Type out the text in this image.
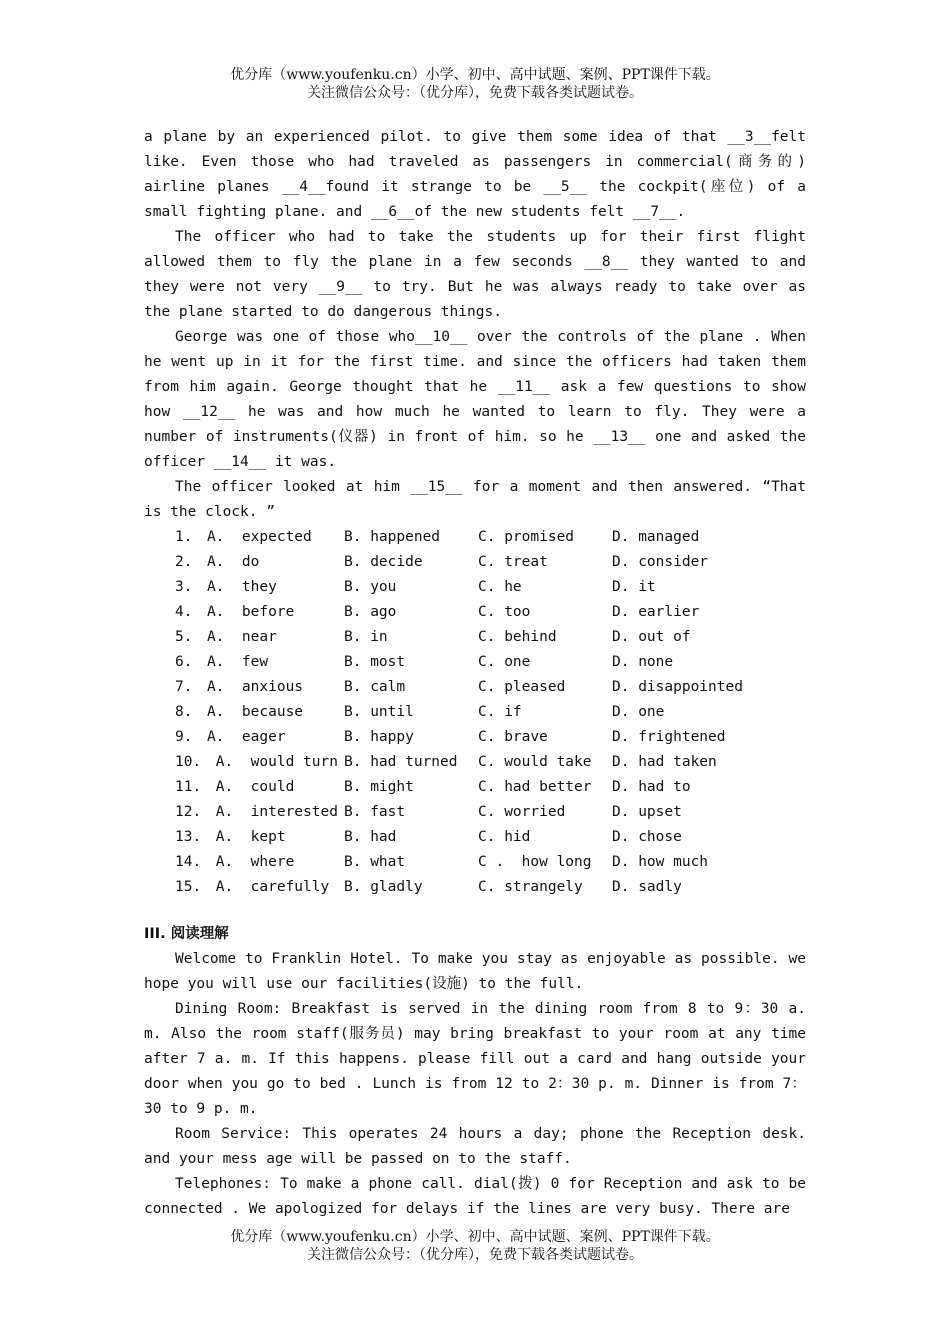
优分库（www.youfenku.cn）小学、初中、高中试题、案例、PPT课件下载。
关注微信公众号：（优分库），免费下载各类试题试卷。
a plane by an experienced pilot. to give them some idea of that __3__felt like. Even those who had traveled as passengers in commercial(商务的) airline planes __4__found it strange to be __5__ the cockpit(座位) of a small fighting plane. and __6__of the new students felt __7__.
The officer who had to take the students up for their first flight allowed them to fly the plane in a few seconds __8__ they wanted to and they were not very __9__ to try. But he was always ready to take over as the plane started to do dangerous things.
George was one of those who__10__ over the controls of the plane . When he went up in it for the first time. and since the officers had taken them from him again. George thought that he __11__ ask a few questions to show how __12__ he was and how much he wanted to learn to fly. They were a number of instruments(仪器) in front of him. so he __13__ one and asked the officer __14__ it was.
The officer looked at him __15__ for a moment and then answered. “That is the clock. ”
1.	A.  expected	B. happened	C. promised	D. managed
2.	A.  do	B. decide	C. treat	D. consider
3.	A.  they	B. you	C. he	D. it
4.	A.  before	B. ago	C. too	D. earlier
5.	A.  near	B. in	C. behind	D. out of
6.	A.  few	B. most	C. one	D. none
7.	A.  anxious	B. calm	C. pleased	D. disappointed
8.	A.  because	B. until	C. if	D. one
9.	A.  eager	B. happy	C. brave	D. frightened
10. A.  would turn B. had turned	C. would take	D. had taken
11. A.  could	B. might	C. had better	D. had to
12. A.  interested B. fast	C. worried	D. upset
13. A.  kept	B. had	C. hid	D. chose
14. A.  where	B. what	C .  how long	D. how much
15. A.  carefully	B. gladly	C. strangely	D. sadly
III. 阅读理解
Welcome to Franklin Hotel. To make you stay as enjoyable as possible. we hope you will use our facilities(设施) to the full.
Dining Room: Breakfast is served in the dining room from 8 to 9：30 a. m. Also the room staff(服务员) may bring breakfast to your room at any time after 7 a. m. If this happens. please fill out a card and hang outside your door when you go to bed . Lunch is from 12 to 2：30 p. m. Dinner is from 7：30 to 9 p. m.
Room Service: This operates 24 hours a day; phone the Reception desk. and your mess age will be passed on to the staff.
Telephones: To make a phone call. dial(拨) 0 for Reception and ask to be connected . We apologized for delays if the lines are very busy. There are
优分库（www.youfenku.cn）小学、初中、高中试题、案例、PPT课件下载。
关注微信公众号：（优分库），免费下载各类试题试卷。
